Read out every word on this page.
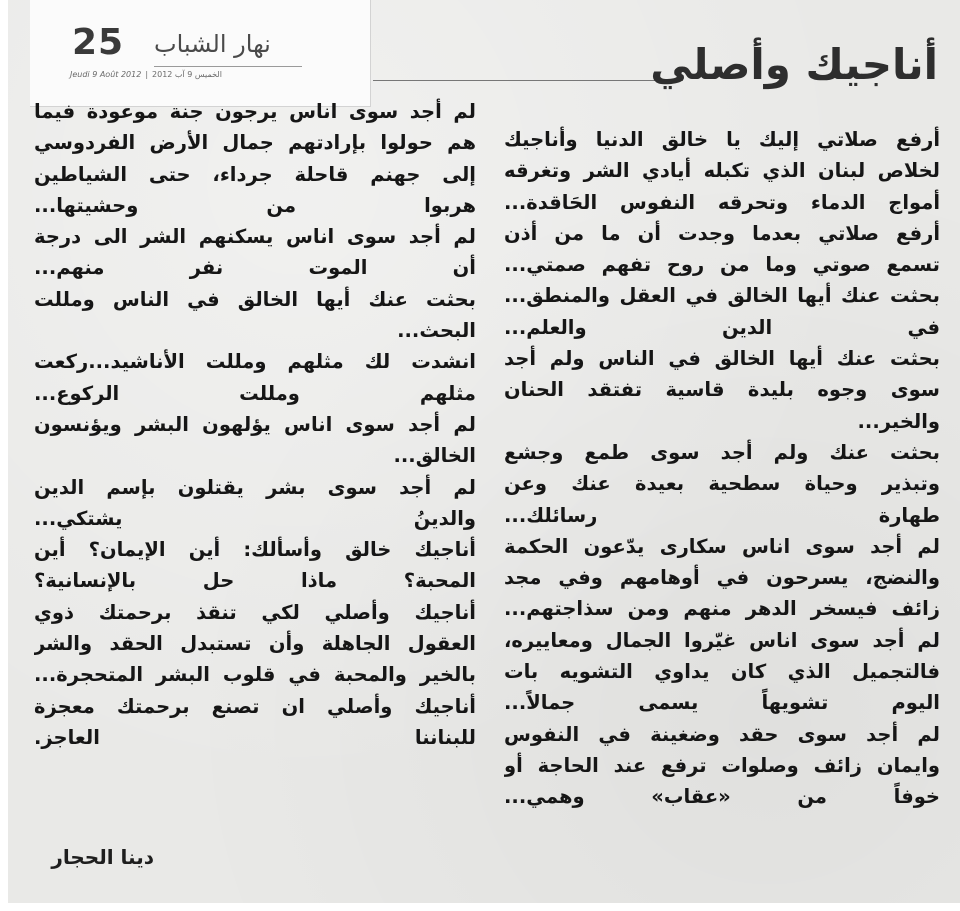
25 نهار الشباب
Jeudi 9 Août 2012 | 2012 الخميس 9 آب	أناجيك وأصلي
أرفع صلاتي إليك يا خالق الدنيا وأناجيك
لخلاص لبنان الذي تكبله أيادي الشر وتغرقه
أمواج الدماء وتحرقه النفوس الحَاقدة...
أرفع صلاتي بعدما وجدت أن ما من أذن
تسمع صوتي وما من روح تفهم صمتي...
بحثت عنك أيها الخالق في العقل والمنطق...
في الدين والعلم...
بحثت عنك أيها الخالق في الناس ولم أجد
سوى وجوه بليدة قاسية تفتقد الحنان
والخير...
بحثت عنك ولم أجد سوى طمع وجشع
وتبذير وحياة سطحية بعيدة عنك وعن
طهارة رسائلك...
لم أجد سوى اناس سكارى يدّعون الحكمة
والنضج، يسرحون في أوهامهم وفي مجد
زائف فيسخر الدهر منهم ومن سذاجتهم...
لم أجد سوى اناس غيّروا الجمال ومعاييره،
فالتجميل الذي كان يداوي التشويه بات
اليوم تشويهاً يسمى جمالاً...
لم أجد سوى حقد وضغينة في النفوس
وايمان زائف وصلوات ترفع عند الحاجة أو
خوفاً من «عقاب» وهمي...
لم أجد سوى اناس يرجون جنة موعودة فيما
هم حولوا بإرادتهم جمال الأرض الفردوسي
إلى جهنم قاحلة جرداء، حتى الشياطين
هربوا من وحشيتها...
لم أجد سوى اناس يسكنهم الشر الى درجة
أن الموت نفر منهم...
بحثت عنك أيها الخالق في الناس ومللت
البحث...
انشدت لك مثلهم ومللت الأناشيد...ركعت
مثلهم ومللت الركوع...
لم أجد سوى اناس يؤلهون البشر ويؤنسون
الخالق...
لم أجد سوى بشر يقتلون بإسم الدين
والدينُ يشتكي...
أناجيك خالق وأسألك: أين الإيمان؟ أين
المحبة؟ ماذا حل بالإنسانية؟
أناجيك وأصلي لكي تنقذ برحمتك ذوي
العقول الجاهلة وأن تستبدل الحقد والشر
بالخير والمحبة في قلوب البشر المتحجرة...
أناجيك وأصلي ان تصنع برحمتك معجزة
للبناننا العاجز.
دينا الحجار
